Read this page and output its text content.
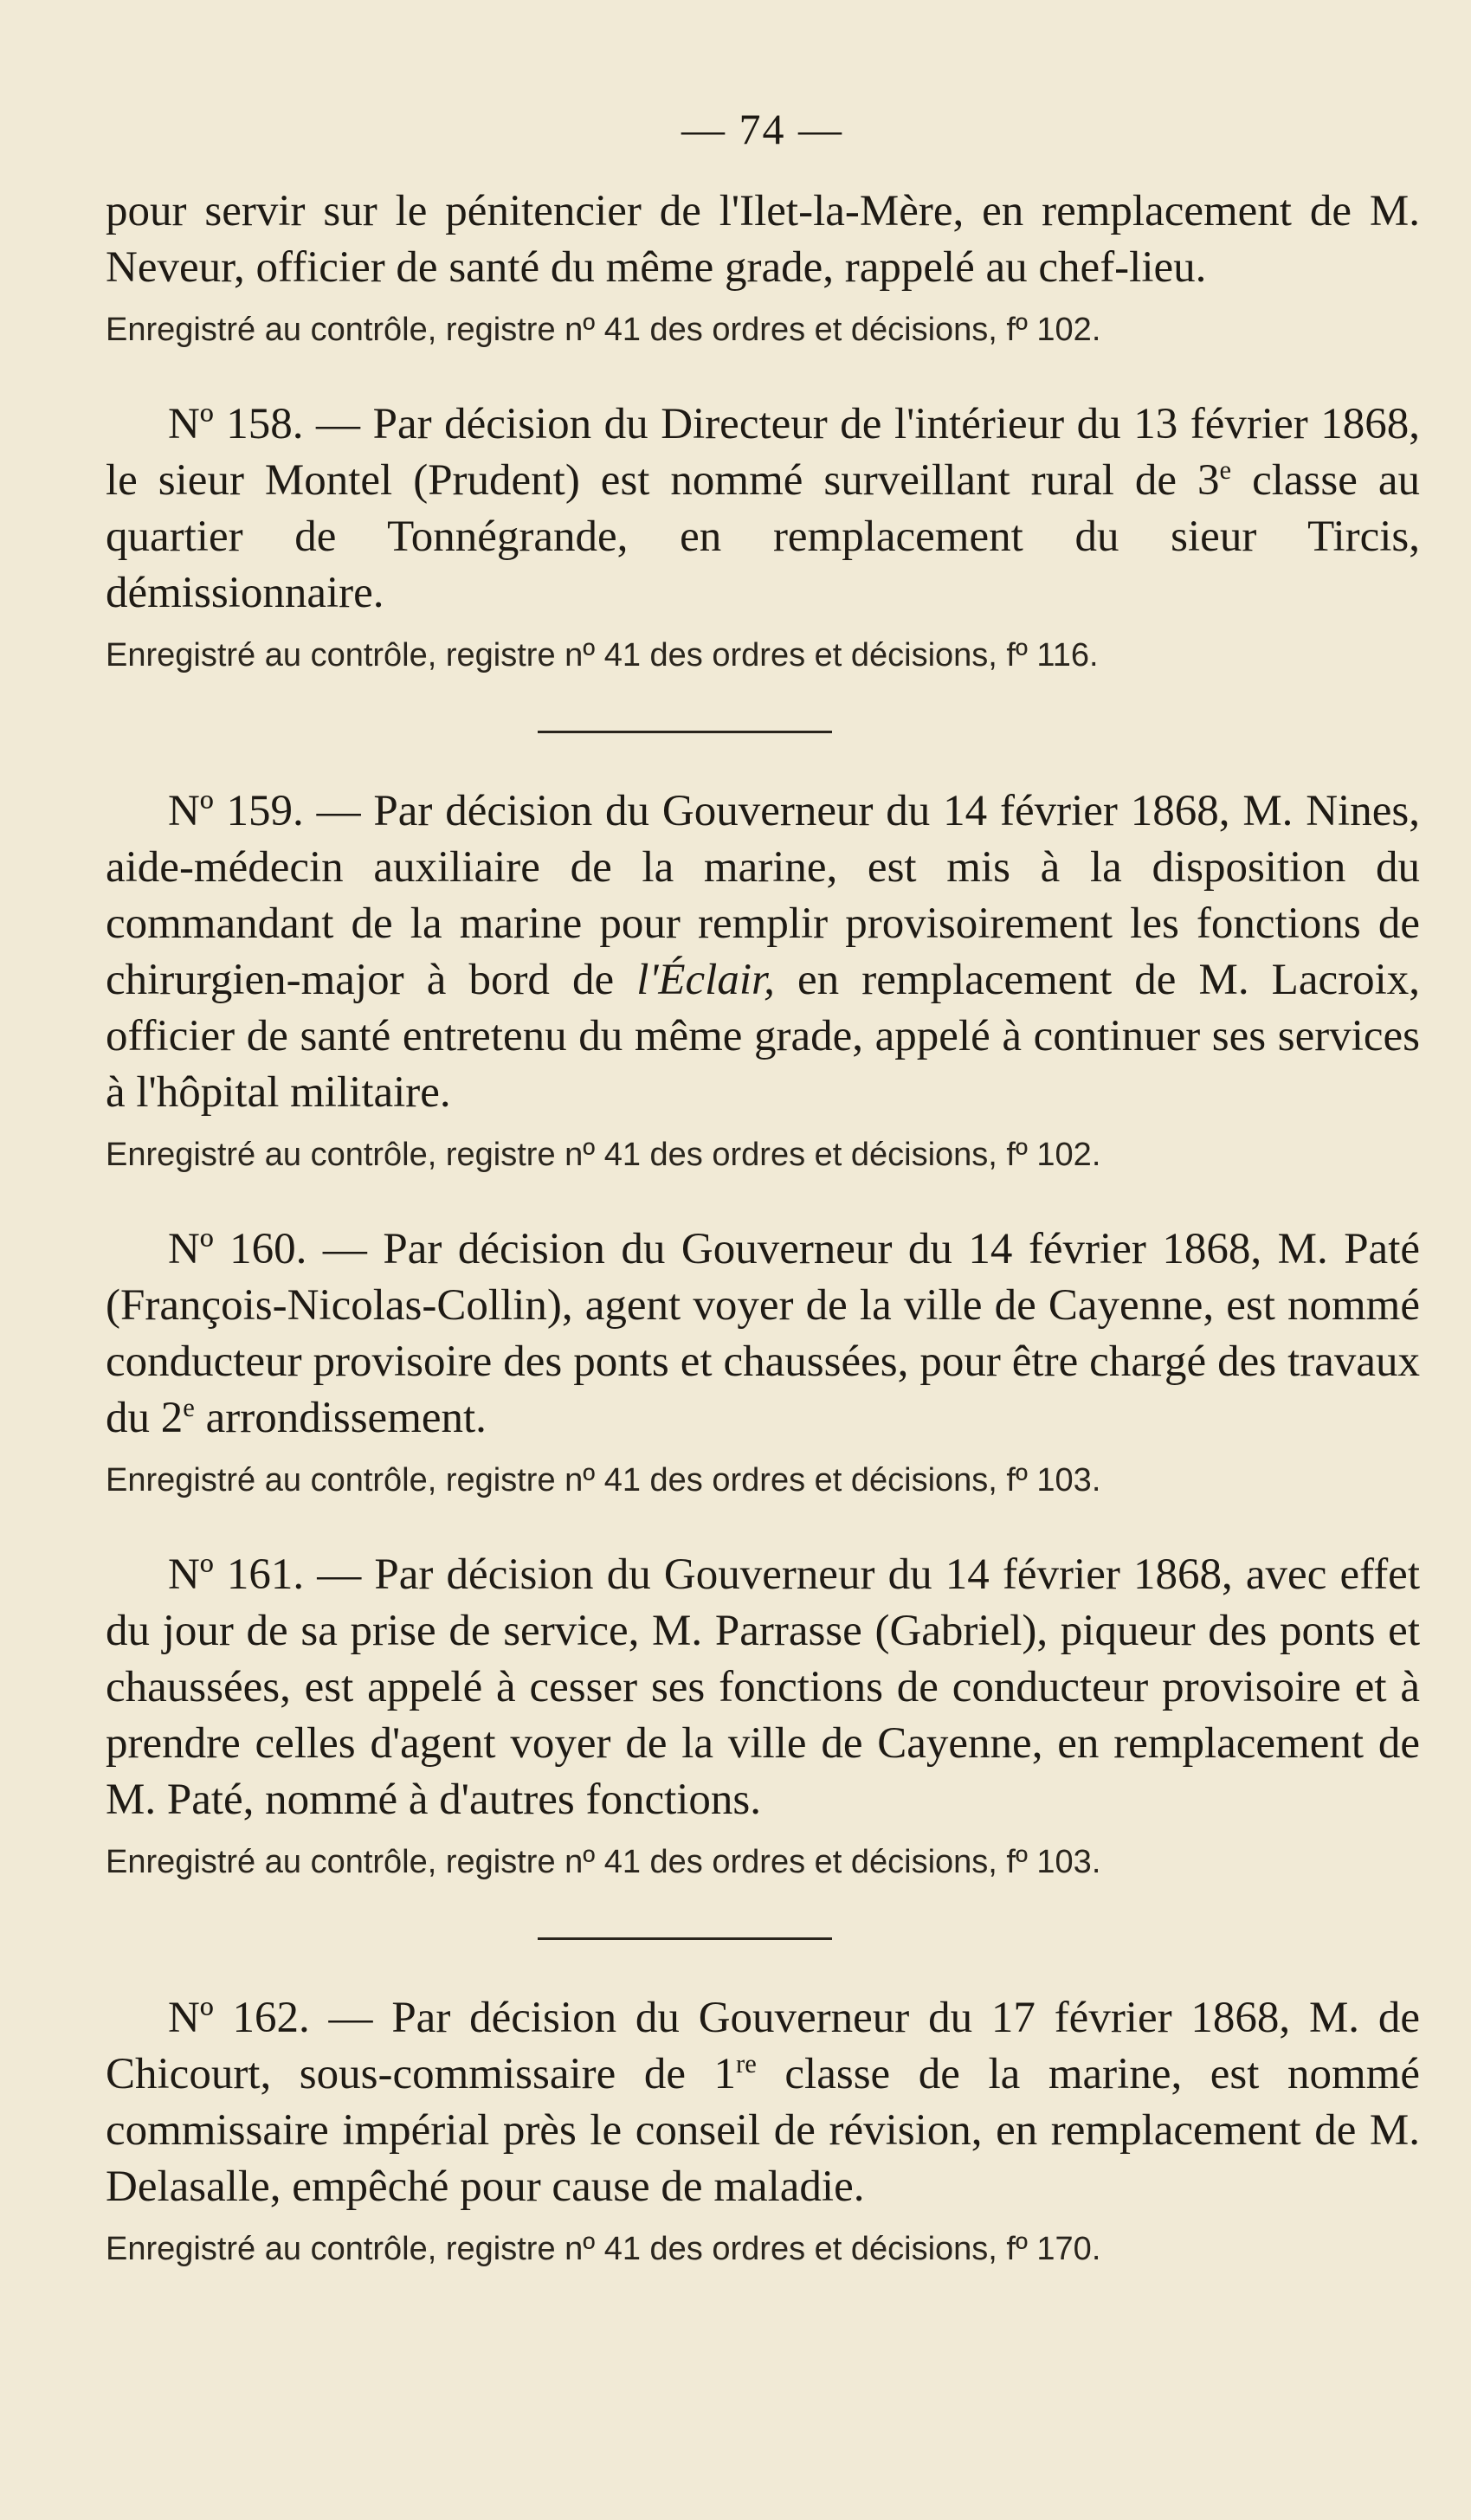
— 74 —

pour servir sur le pénitencier de l'Ilet-la-Mère, en remplacement de M. Neveur, officier de santé du même grade, rappelé au chef-lieu.

Enregistré au contrôle, registre nº 41 des ordres et décisions, fº 102.

Nº 158. — Par décision du Directeur de l'intérieur du 13 février 1868, le sieur Montel (Prudent) est nommé surveillant rural de 3e classe au quartier de Tonnégrande, en remplacement du sieur Tircis, démissionnaire.

Enregistré au contrôle, registre nº 41 des ordres et décisions, fº 116.

Nº 159. — Par décision du Gouverneur du 14 février 1868, M. Nines, aide-médecin auxiliaire de la marine, est mis à la disposition du commandant de la marine pour remplir provisoirement les fonctions de chirurgien-major à bord de l'Éclair, en remplacement de M. Lacroix, officier de santé entretenu du même grade, appelé à continuer ses services à l'hôpital militaire.

Enregistré au contrôle, registre nº 41 des ordres et décisions, fº 102.

Nº 160. — Par décision du Gouverneur du 14 février 1868, M. Paté (François-Nicolas-Collin), agent voyer de la ville de Cayenne, est nommé conducteur provisoire des ponts et chaussées, pour être chargé des travaux du 2e arrondissement.

Enregistré au contrôle, registre nº 41 des ordres et décisions, fº 103.

Nº 161. — Par décision du Gouverneur du 14 février 1868, avec effet du jour de sa prise de service, M. Parrasse (Gabriel), piqueur des ponts et chaussées, est appelé à cesser ses fonctions de conducteur provisoire et à prendre celles d'agent voyer de la ville de Cayenne, en remplacement de M. Paté, nommé à d'autres fonctions.

Enregistré au contrôle, registre nº 41 des ordres et décisions, fº 103.

Nº 162. — Par décision du Gouverneur du 17 février 1868, M. de Chicourt, sous-commissaire de 1re classe de la marine, est nommé commissaire impérial près le conseil de révision, en remplacement de M. Delasalle, empêché pour cause de maladie.

Enregistré au contrôle, registre nº 41 des ordres et décisions, fº 170.
